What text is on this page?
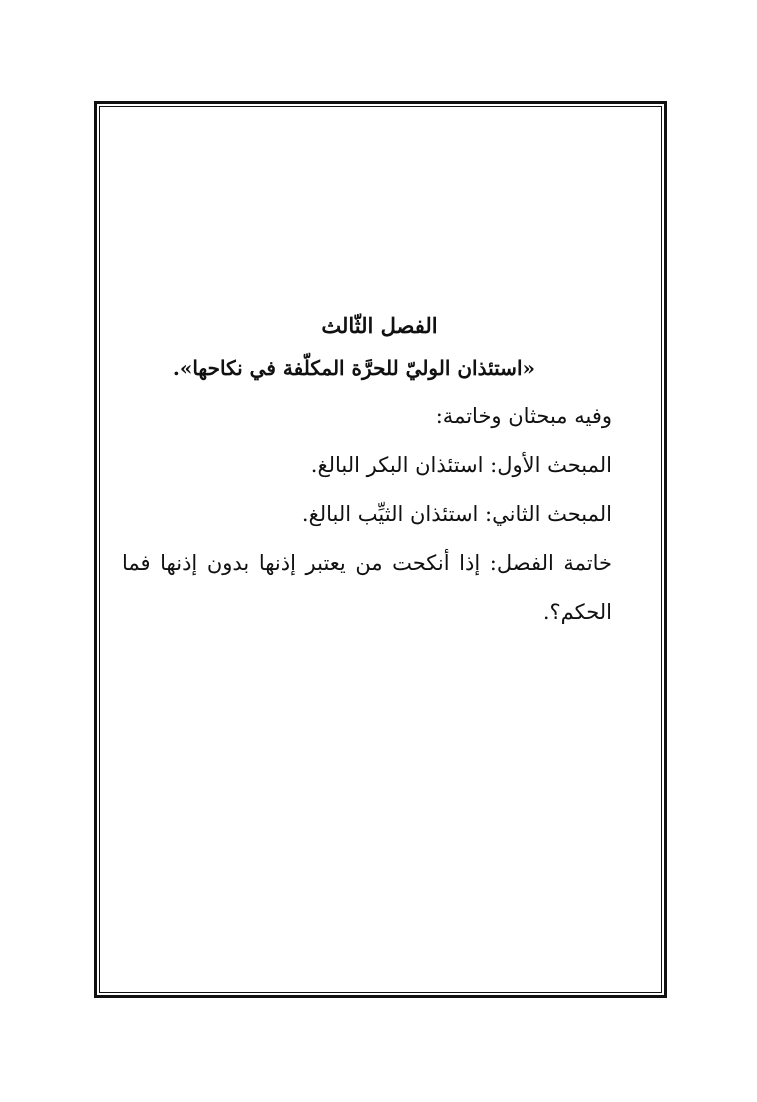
الفصل الثّالث

«استئذان الوليّ للحرَّة المكلّفة في نكاحها».

وفيه مبحثان وخاتمة:

المبحث الأول: استئذان البكر البالغ.

المبحث الثاني: استئذان الثيِّب البالغ.

خاتمة الفصل: إذا أنكحت من يعتبر إذنها بدون إذنها فما

الحكم؟.
